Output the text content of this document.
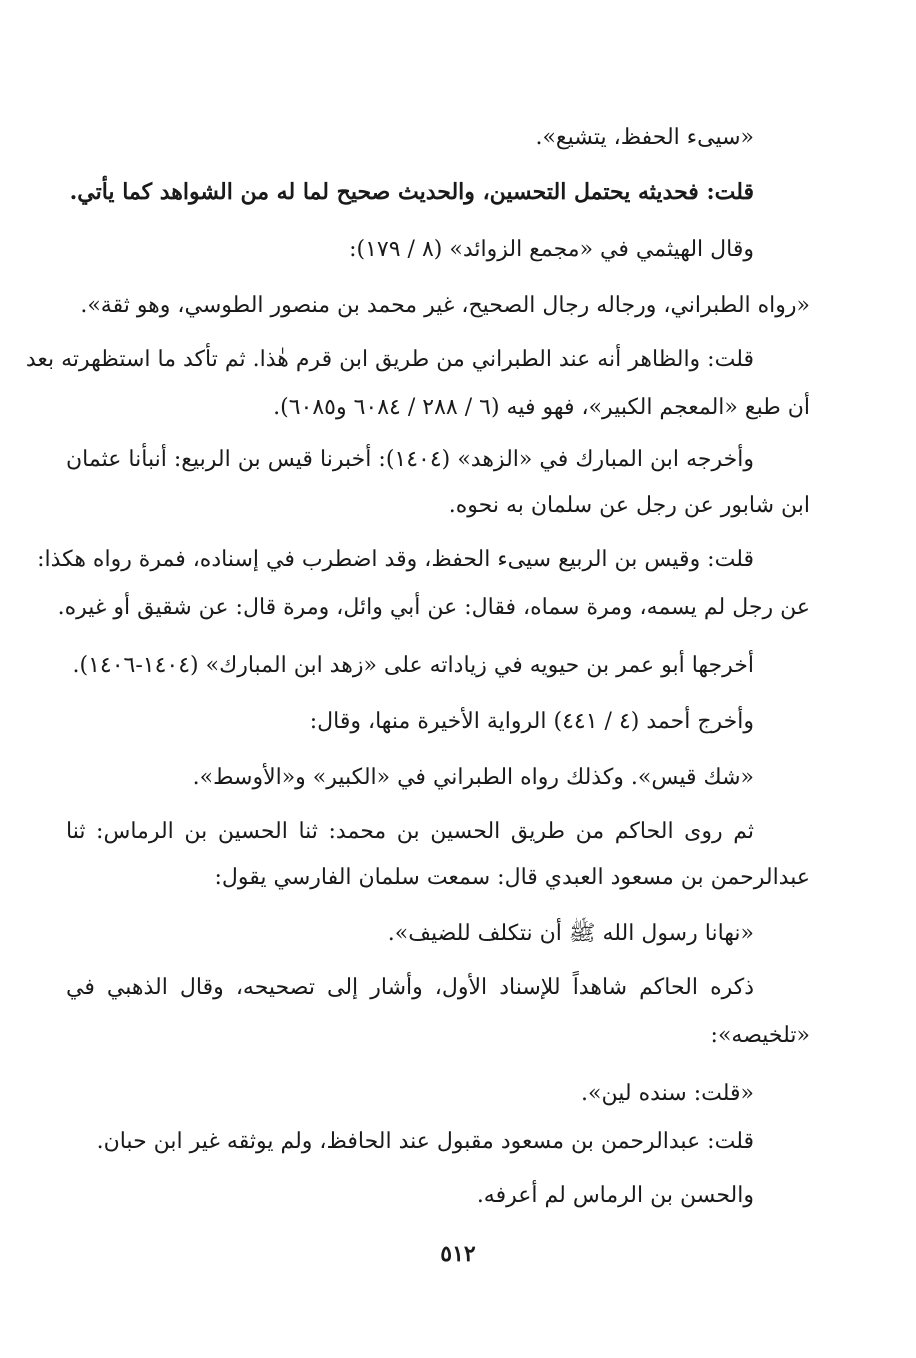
«سيىء الحفظ، يتشيع».
قلت: فحديثه يحتمل التحسين، والحديث صحيح لما له من الشواهد كما يأتي.
وقال الهيثمي في «مجمع الزوائد» (٨ / ١٧٩):
«رواه الطبراني، ورجاله رجال الصحيح، غير محمد بن منصور الطوسي، وهو ثقة».
قلت: والظاهر أنه عند الطبراني من طريق ابن قرم هٰذا. ثم تأكد ما استظهرته بعد
أن طبع «المعجم الكبير»، فهو فيه (٦ / ٢٨٨ / ٦٠٨٤ و٦٠٨٥).
وأخرجه ابن المبارك في «الزهد» (١٤٠٤): أخبرنا قيس بن الربيع: أنبأنا عثمان
ابن شابور عن رجل عن سلمان به نحوه.
قلت: وقيس بن الربيع سيىء الحفظ، وقد اضطرب في إسناده، فمرة رواه هكذا:
عن رجل لم يسمه، ومرة سماه، فقال: عن أبي وائل، ومرة قال: عن شقيق أو غيره.
أخرجها أبو عمر بن حيويه في زياداته على «زهد ابن المبارك» (١٤٠٤-١٤٠٦).
وأخرج أحمد (٤ / ٤٤١) الرواية الأخيرة منها، وقال:
«شك قيس». وكذلك رواه الطبراني في «الكبير» و«الأوسط».
ثم روى الحاكم من طريق الحسين بن محمد: ثنا الحسين بن الرماس: ثنا
عبدالرحمن بن مسعود العبدي قال: سمعت سلمان الفارسي يقول:
«نهانا رسول الله ﷺ أن نتكلف للضيف».
ذكره الحاكم شاهداً للإسناد الأول، وأشار إلى تصحيحه، وقال الذهبي في
«تلخيصه»:
«قلت: سنده لين».
قلت: عبدالرحمن بن مسعود مقبول عند الحافظ، ولم يوثقه غير ابن حبان.
والحسن بن الرماس لم أعرفه.
٥١٢
